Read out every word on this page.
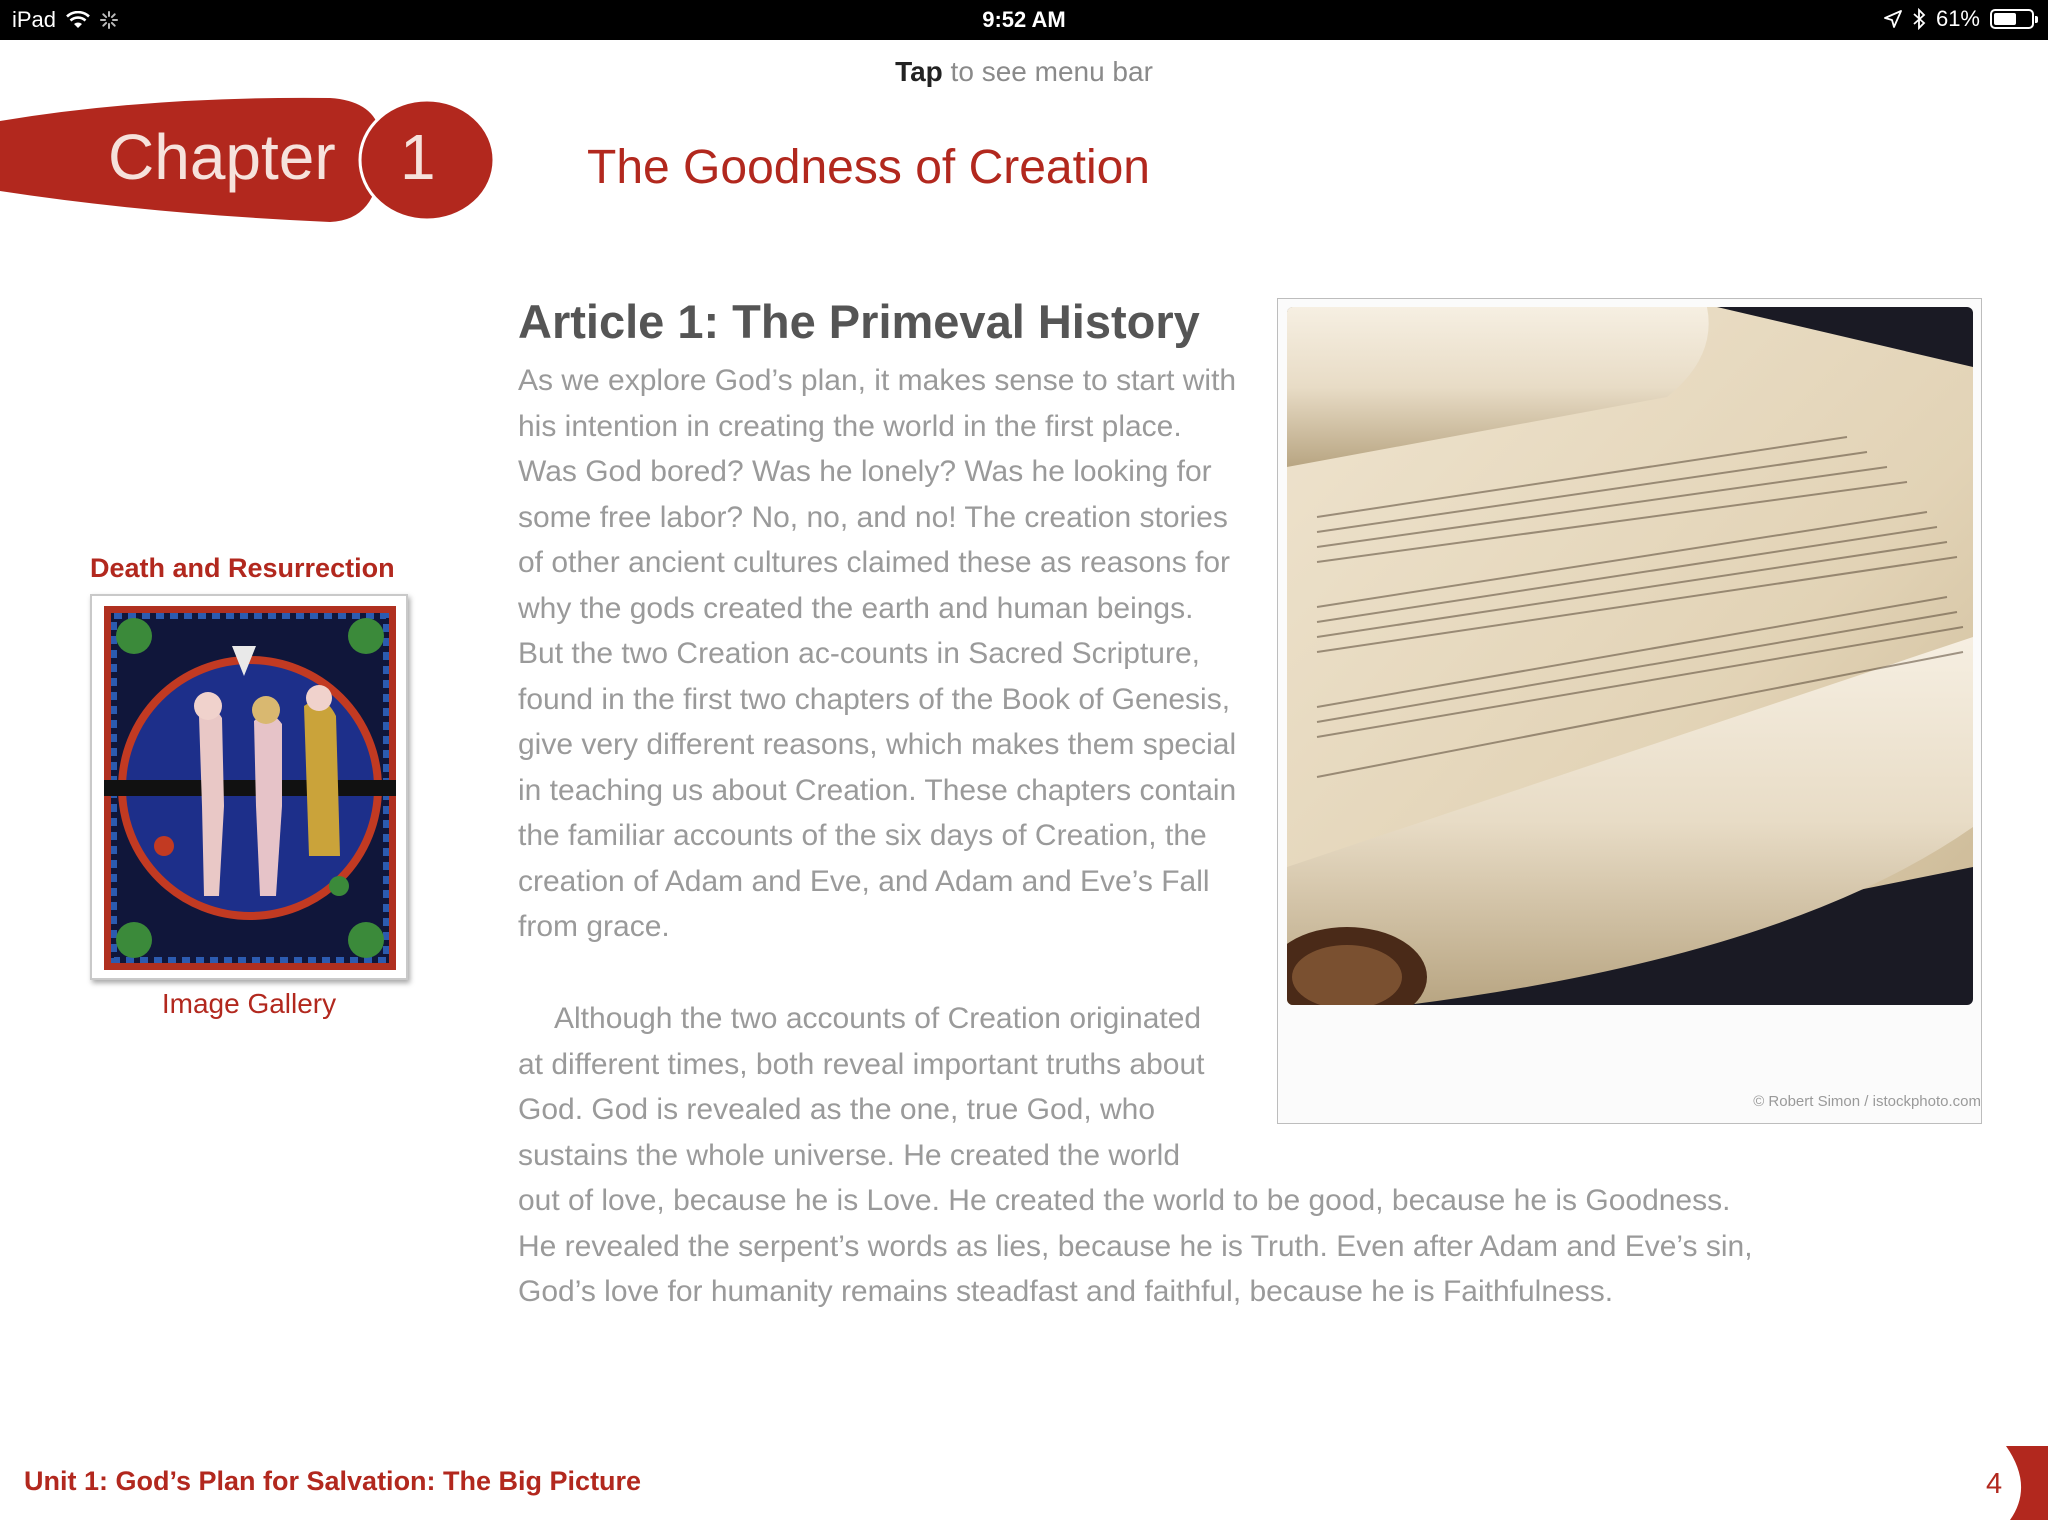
iPad	9:52 AM	61%
Tap to see menu bar
Chapter 1	The Goodness of Creation
Death and Resurrection
Image Gallery
Article 1: The Primeval History

As we explore God’s plan, it makes sense to start with his intention in creating the world in the first place. Was God bored? Was he lonely? Was he looking for some free labor? No, no, and no! The creation stories of other ancient cultures claimed these as reasons for why the gods created the earth and human beings. But the two Creation ac-counts in Sacred Scripture, found in the first two chapters of the Book of Genesis, give very different reasons, which makes them special in teaching us about Creation. These chapters contain the familiar accounts of the six days of Creation, the creation of Adam and Eve, and Adam and Eve’s Fall from grace.

Although the two accounts of Creation originated
at different times, both reveal important truths about
God. God is revealed as the one, true God, who
sustains the whole universe. He created the world
out of love, because he is Love. He created the world to be good, because he is Goodness.
He revealed the serpent’s words as lies, because he is Truth. Even after Adam and Eve’s sin,
God’s love for humanity remains steadfast and faithful, because he is Faithfulness.

© Robert Simon / istockphoto.com
Unit 1: God’s Plan for Salvation: The Big Picture	4
